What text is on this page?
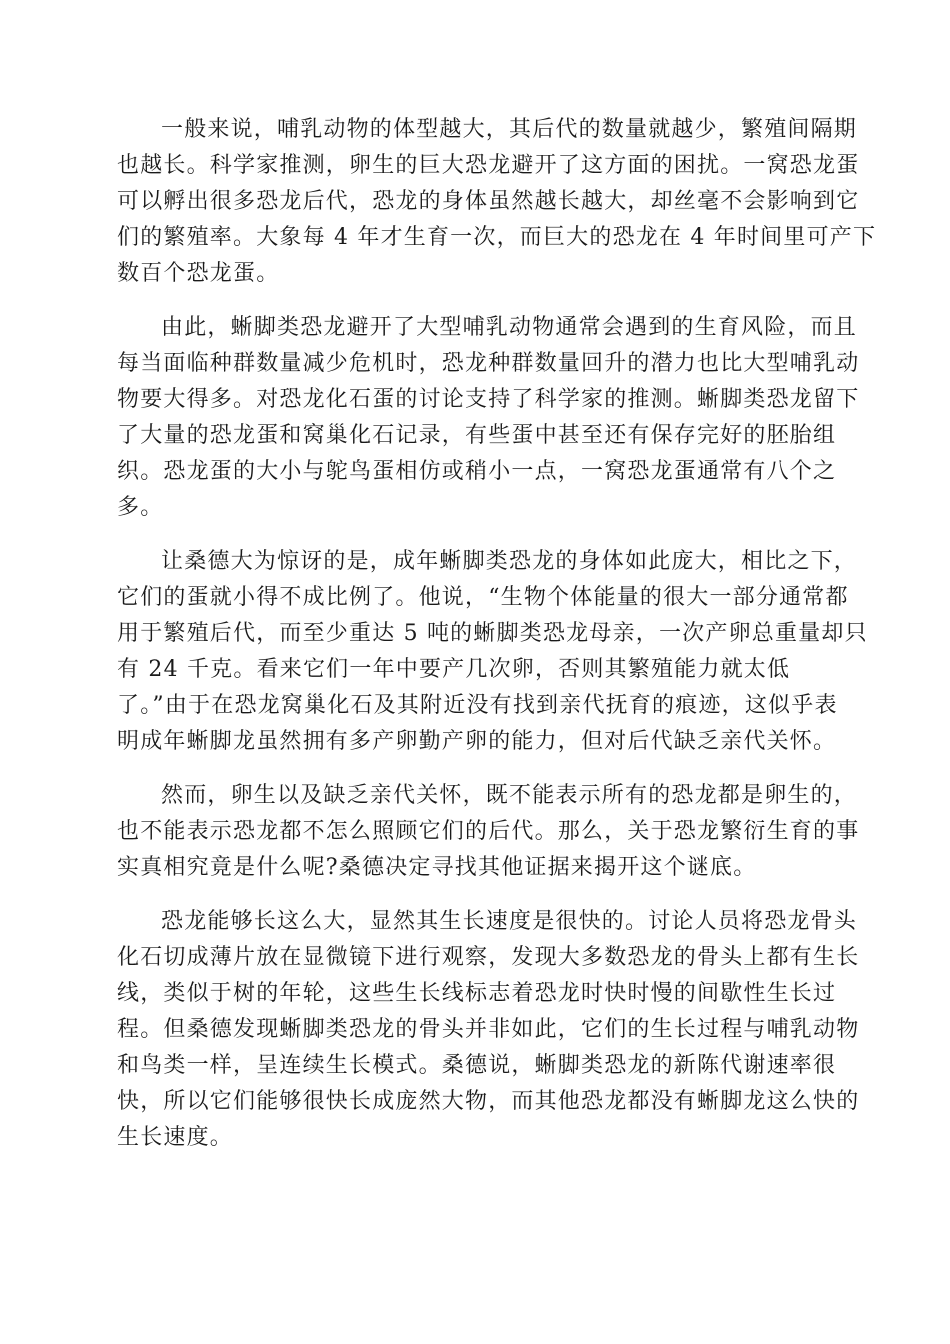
一般来说，哺乳动物的体型越大，其后代的数量就越少，繁殖间隔期
也越长。科学家推测，卵生的巨大恐龙避开了这方面的困扰。一窝恐龙蛋
可以孵出很多恐龙后代，恐龙的身体虽然越长越大，却丝毫不会影响到它
们的繁殖率。大象每 4 年才生育一次，而巨大的恐龙在 4 年时间里可产下
数百个恐龙蛋。

由此，蜥脚类恐龙避开了大型哺乳动物通常会遇到的生育风险，而且
每当面临种群数量减少危机时，恐龙种群数量回升的潜力也比大型哺乳动
物要大得多。对恐龙化石蛋的讨论支持了科学家的推测。蜥脚类恐龙留下
了大量的恐龙蛋和窝巢化石记录，有些蛋中甚至还有保存完好的胚胎组
织。恐龙蛋的大小与鸵鸟蛋相仿或稍小一点，一窝恐龙蛋通常有八个之
多。

让桑德大为惊讶的是，成年蜥脚类恐龙的身体如此庞大，相比之下，
它们的蛋就小得不成比例了。他说，“生物个体能量的很大一部分通常都
用于繁殖后代，而至少重达 5 吨的蜥脚类恐龙母亲，一次产卵总重量却只
有 24 千克。看来它们一年中要产几次卵，否则其繁殖能力就太低
了。”由于在恐龙窝巢化石及其附近没有找到亲代抚育的痕迹，这似乎表
明成年蜥脚龙虽然拥有多产卵勤产卵的能力，但对后代缺乏亲代关怀。

然而，卵生以及缺乏亲代关怀，既不能表示所有的恐龙都是卵生的，
也不能表示恐龙都不怎么照顾它们的后代。那么，关于恐龙繁衍生育的事
实真相究竟是什么呢?桑德决定寻找其他证据来揭开这个谜底。

恐龙能够长这么大，显然其生长速度是很快的。讨论人员将恐龙骨头
化石切成薄片放在显微镜下进行观察，发现大多数恐龙的骨头上都有生长
线，类似于树的年轮，这些生长线标志着恐龙时快时慢的间歇性生长过
程。但桑德发现蜥脚类恐龙的骨头并非如此，它们的生长过程与哺乳动物
和鸟类一样，呈连续生长模式。桑德说，蜥脚类恐龙的新陈代谢速率很
快，所以它们能够很快长成庞然大物，而其他恐龙都没有蜥脚龙这么快的
生长速度。
